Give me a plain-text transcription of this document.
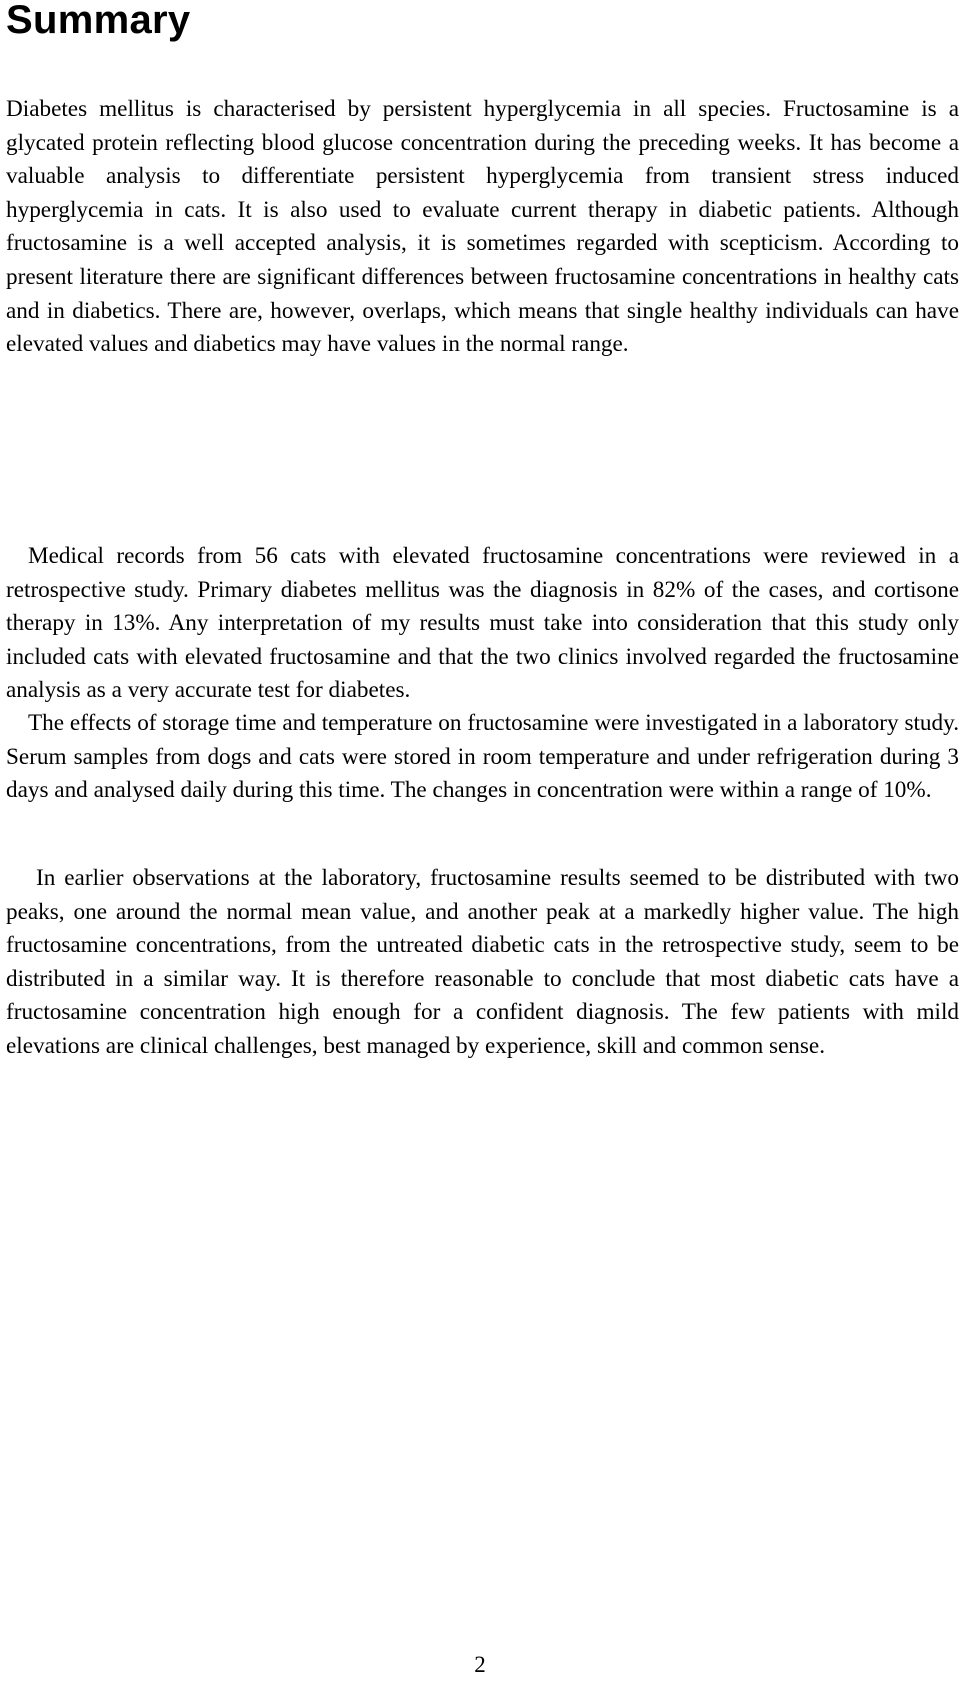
Summary

Diabetes mellitus is characterised by persistent hyperglycemia in all species. Fructosamine is a glycated protein reflecting blood glucose concentration during the preceding weeks. It has become a valuable analysis to differentiate persistent hyperglycemia from transient stress induced hyperglycemia in cats. It is also used to evaluate current therapy in diabetic patients. Although fructosamine is a well accepted analysis, it is sometimes regarded with scepticism. According to present literature there are significant differences between fructosamine concentrations in healthy cats and in diabetics. There are, however, overlaps, which means that single healthy individuals can have elevated values and diabetics may have values in the normal range.

Medical records from 56 cats with elevated fructosamine concentrations were reviewed in a retrospective study. Primary diabetes mellitus was the diagnosis in 82% of the cases, and cortisone therapy in 13%. Any interpretation of my results must take into consideration that this study only included cats with elevated fructosamine and that the two clinics involved regarded the fructosamine analysis as a very accurate test for diabetes.

The effects of storage time and temperature on fructosamine were investigated in a laboratory study. Serum samples from dogs and cats were stored in room temperature and under refrigeration during 3 days and analysed daily during this time. The changes in concentration were within a range of 10%.

In earlier observations at the laboratory, fructosamine results seemed to be distributed with two peaks, one around the normal mean value, and another peak at a markedly higher value. The high fructosamine concentrations, from the untreated diabetic cats in the retrospective study, seem to be distributed in a similar way. It is therefore reasonable to conclude that most diabetic cats have a fructosamine concentration high enough for a confident diagnosis. The few patients with mild elevations are clinical challenges, best managed by experience, skill and common sense.

2
